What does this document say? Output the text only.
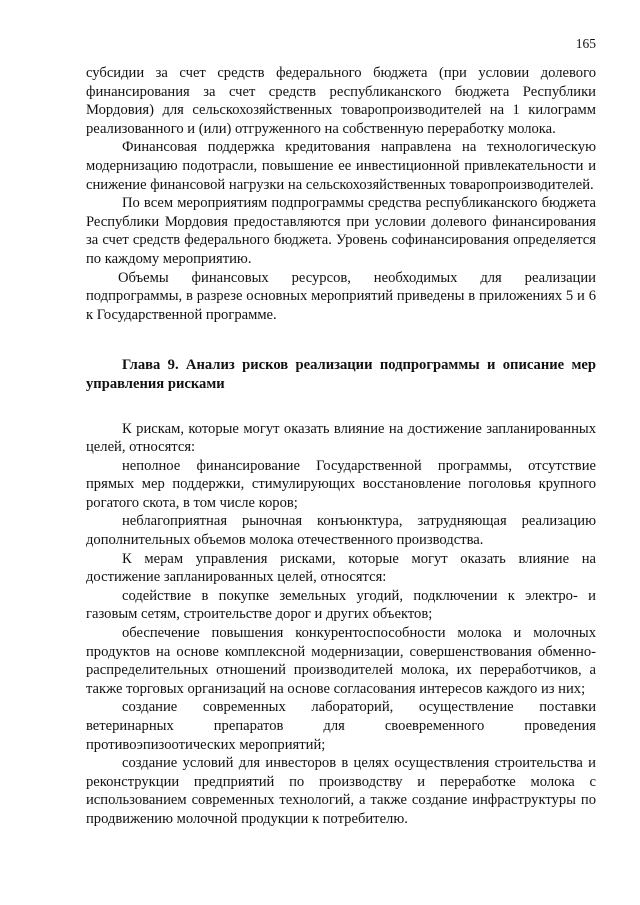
165

субсидии за счет средств федерального бюджета (при условии долевого финансирования за счет средств республиканского бюджета Республики Мордовия) для сельскохозяйственных товаропроизводителей на 1 килограмм реализованного и (или) отгруженного на собственную переработку молока.

Финансовая поддержка кредитования направлена на технологическую модернизацию подотрасли, повышение ее инвестиционной привлекательности и снижение финансовой нагрузки на сельскохозяйственных товаропроизводителей.

По всем мероприятиям подпрограммы средства республиканского бюджета Республики Мордовия предоставляются при условии долевого финансирования за счет средств федерального бюджета. Уровень софинансирования определяется по каждому мероприятию.

Объемы финансовых ресурсов, необходимых для реализации подпрограммы, в разрезе основных мероприятий приведены в приложениях 5 и 6 к Государственной программе.

Глава 9. Анализ рисков реализации подпрограммы и описание мер управления рисками

К рискам, которые могут оказать влияние на достижение запланированных целей, относятся:

неполное финансирование Государственной программы, отсутствие прямых мер поддержки, стимулирующих восстановление поголовья крупного рогатого скота, в том числе коров;

неблагоприятная рыночная конъюнктура, затрудняющая реализацию дополнительных объемов молока отечественного производства.

К мерам управления рисками, которые могут оказать влияние на достижение запланированных целей, относятся:

содействие в покупке земельных угодий, подключении к электро- и газовым сетям, строительстве дорог и других объектов;

обеспечение повышения конкурентоспособности молока и молочных продуктов на основе комплексной модернизации, совершенствования обменно-распределительных отношений производителей молока, их переработчиков, а также торговых организаций на основе согласования интересов каждого из них;

создание современных лабораторий, осуществление поставки ветеринарных препаратов для своевременного проведения противоэпизоотических мероприятий;

создание условий для инвесторов в целях осуществления строительства и реконструкции предприятий по производству и переработке молока с использованием современных технологий, а также создание инфраструктуры по продвижению молочной продукции к потребителю.
